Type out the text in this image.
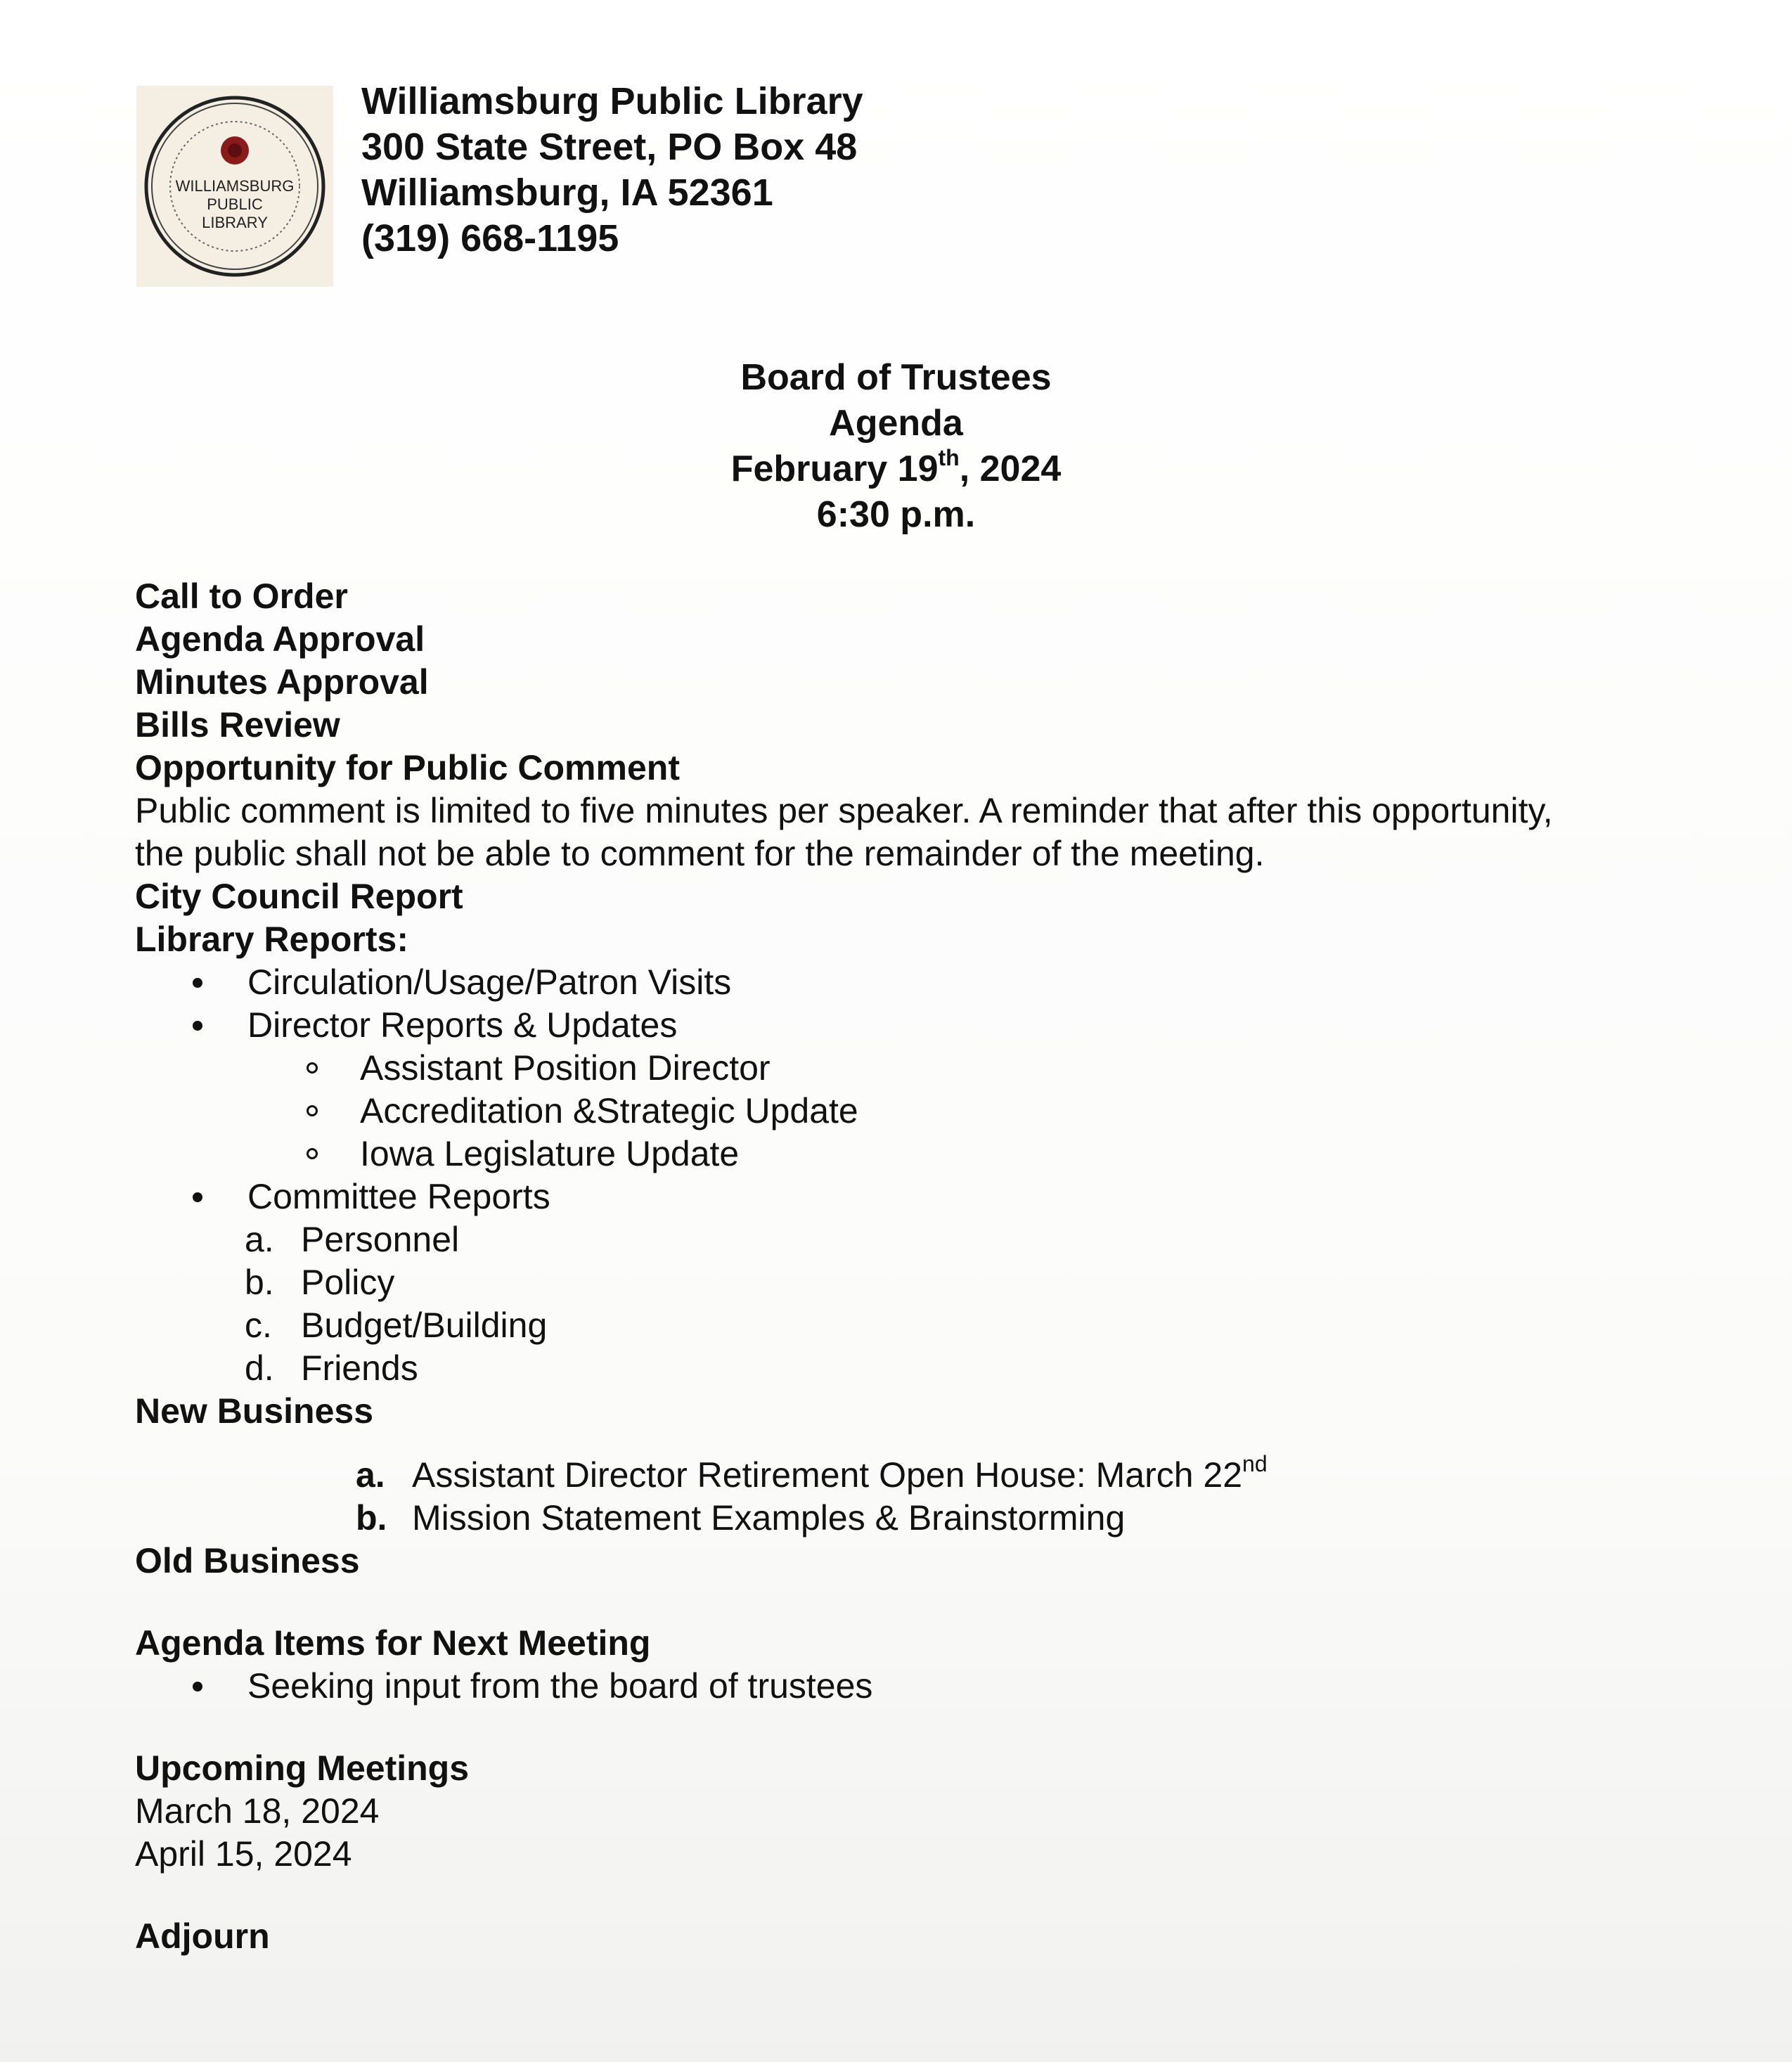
WILLIAMSBURG
PUBLIC
LIBRARY
Williamsburg Public Library
300 State Street, PO Box 48
Williamsburg, IA 52361
(319) 668-1195
Board of Trustees
Agenda
February 19th, 2024
6:30 p.m.
Call to Order
Agenda Approval
Minutes Approval
Bills Review
Opportunity for Public Comment
Public comment is limited to five minutes per speaker. A reminder that after this opportunity,
the public shall not be able to comment for the remainder of the meeting.
City Council Report
Library Reports:
Circulation/Usage/Patron Visits
Director Reports & Updates
Assistant Position Director
Accreditation &Strategic Update
Iowa Legislature Update
Committee Reports
a. Personnel
b. Policy
c. Budget/Building
d. Friends
New Business
a. Assistant Director Retirement Open House: March 22nd
b. Mission Statement Examples & Brainstorming
Old Business
Agenda Items for Next Meeting
Seeking input from the board of trustees
Upcoming Meetings
March 18, 2024
April 15, 2024
Adjourn
